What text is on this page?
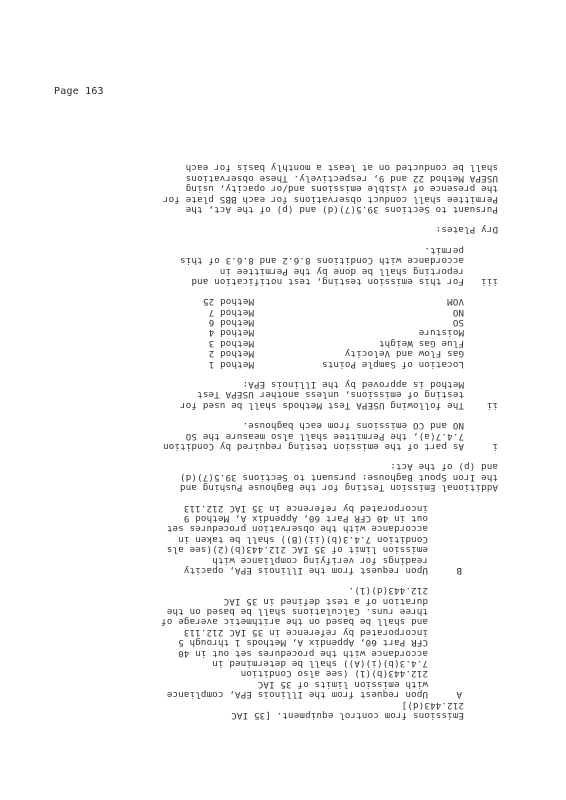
Page 163
Emissions from control equipment. [35 IAC
212.443(d)]
A
Upon request from the Illinois EPA, compliance
with emission limits of 35 IAC
212.443(b)(1) (see also Condition
7.4.3(b)(i)(A)) shall be determined in
accordance with the procedures set out in 40
CFR Part 60, Appendix A, Methods 1 through 5
incorporated by reference in 35 IAC 212.113
and shall be based on the arithmetic average of
three runs. Calculations shall be based on the
duration of a test defined in 35 IAC
212.443(d)(1).
B
Upon request from the Illinois EPA, opacity
readings for verifying compliance with
emission limit of 35 IAC 212.443(b)(2)(see als
Condition 7.4.3(b)(ii)(B)) shall be taken in
accordance with the observation procedures set
out in 40 CFR Part 60, Appendix A, Method 9
incorporated by reference in 35 IAC 212.113
Additional Emission Testing for the Baghouse Pushing and
the Iron Spout Baghouse: pursuant to Sections 39.5(7)(d)
and (p) of the Act:
i
As part of the emission testing required by Condition
7.4.7(a), the Permittee shall also measure the SO
NO and CO emissions from each baghouse.
ii
The following USEPA Test Methods shall be used for
testing of emissions, unless another USEPA Test
Method is approved by the Illinois EPA:
Location of Sample Points
Method 1
Gas Flow and Velocity
Method 2
Flue Gas Weight
Method 3
Moisture
Method 4
SO
Method 6
NO
Method 7
VOM
Method 25
iii
For this emission testing, test notification and
reporting shall be done by the Permittee in
accordance with Conditions 8.6.2 and 8.6.3 of this
permit.
Dry Plates:
Pursuant to Sections 39.5(7)(d) and (p) of the Act, the
Permittee shall conduct observations for each BBS plate for
the presence of visible emissions and/or opacity, using
USEPA Method 22 and 9, respectively. These observations
shall be conducted on at least a monthly basis for each
